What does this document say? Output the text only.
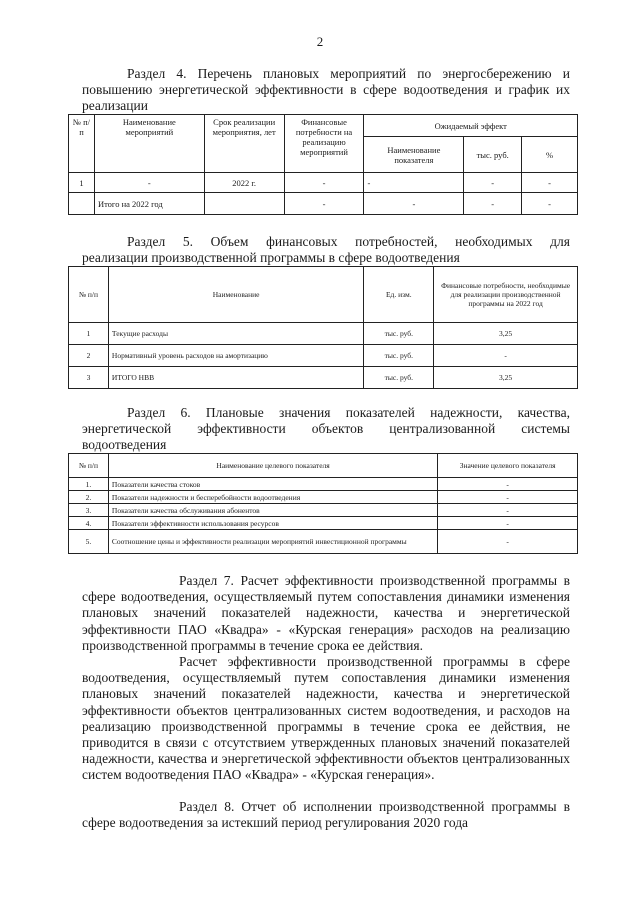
2

Раздел 4. Перечень плановых мероприятий по энергосбережению и

повышению энергетической эффективности в сфере водоотведения и график их

реализации

№ п/п	Наименование мероприятий	Срок реализации мероприятия, лет	Финансовые потребности на реализацию мероприятий	Ожидаемый эффект		
				Наименование показателя	тыс. руб.	%
1	-	2022 г.	-	-	-	-
	Итого на 2022 год		-	-	-	-

Раздел 5. Объем финансовых потребностей, необходимых для

реализации производственной программы в сфере водоотведения

№ п/п	Наименование	Ед. изм.	Финансовые потребности, необходимые для реализации производственной программы на 2022 год
1	Текущие расходы	тыс. руб.	3,25
2	Нормативный уровень расходов на амортизацию	тыс. руб.	-
3	ИТОГО НВВ	тыс. руб.	3,25

Раздел 6. Плановые значения показателей надежности, качества,

энергетической эффективности объектов централизованной системы

водоотведения

№ п/п	Наименование целевого показателя	Значение целевого показателя
1.	Показатели качества стоков	-
2.	Показатели надежности и бесперебойности водоотведения	-
3.	Показатели качества обслуживания абонентов	-
4.	Показатели эффективности использования ресурсов	-
5.	Соотношение цены и эффективности реализации мероприятий инвестиционной программы	-

Раздел 7. Расчет эффективности производственной программы в сфере водоотведения, осуществляемый путем сопоставления динамики изменения плановых значений показателей надежности, качества и энергетической эффективности ПАО «Квадра» - «Курская генерация» расходов на реализацию производственной программы в течение срока ее действия.

Расчет эффективности производственной программы в сфере водоотведения, осуществляемый путем сопоставления динамики изменения плановых значений показателей надежности, качества и энергетической эффективности объектов централизованных систем водоотведения, и расходов на реализацию производственной программы в течение срока ее действия, не приводится в связи с отсутствием утвержденных плановых значений показателей надежности, качества и энергетической эффективности объектов централизованных систем водоотведения ПАО «Квадра» - «Курская генерация».

Раздел 8. Отчет об исполнении производственной программы в сфере водоотведения за истекший период регулирования 2020 года
